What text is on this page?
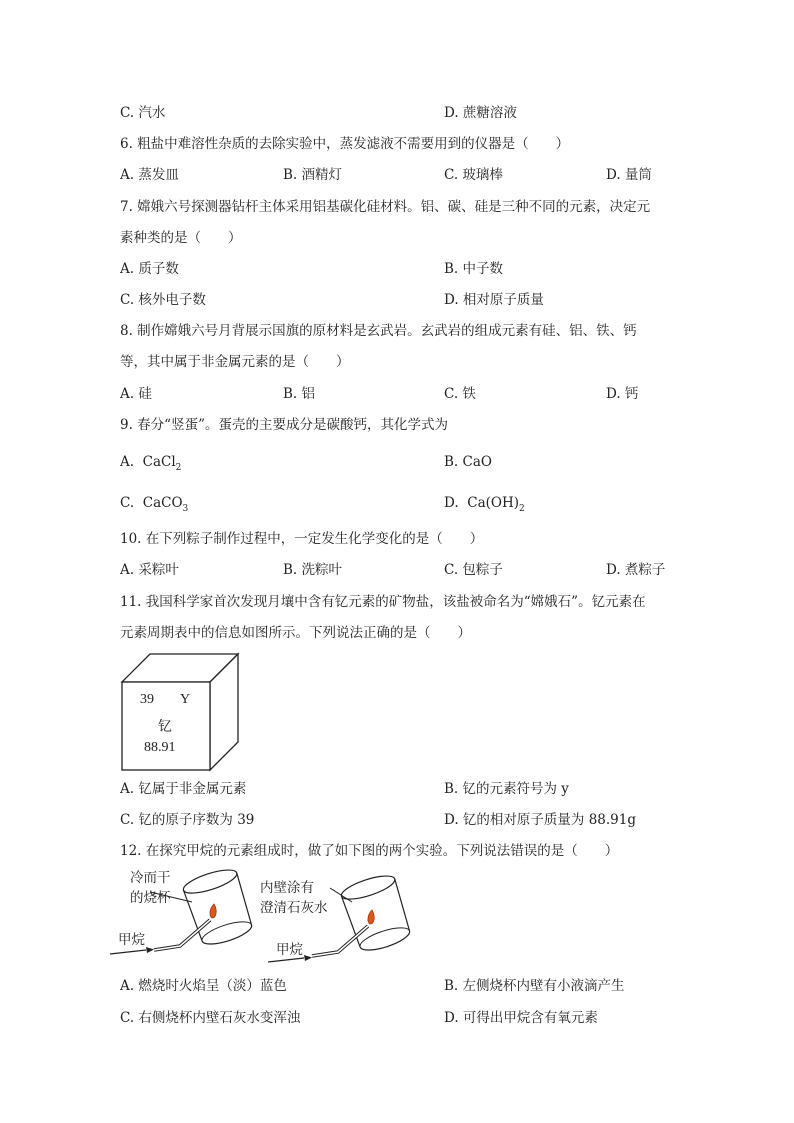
C. 汽水	D. 蔗糖溶液
6. 粗盐中难溶性杂质的去除实验中，蒸发滤液不需要用到的仪器是（　　）
A. 蒸发皿	B. 酒精灯	C. 玻璃棒	D. 量筒
7. 嫦娥六号探测器钻杆主体采用铝基碳化硅材料。铝、碳、硅是三种不同的元素，决定元
素种类的是（　　）
A. 质子数	B. 中子数
C. 核外电子数	D. 相对原子质量
8. 制作嫦娥六号月背展示国旗的原材料是玄武岩。玄武岩的组成元素有硅、铝、铁、钙
等，其中属于非金属元素的是（　　）
A. 硅	B. 铝	C. 铁	D. 钙
9. 春分“竖蛋”。蛋壳的主要成分是碳酸钙，其化学式为
A. CaCl$_2$	B. CaO
C. CaCO$_3$	D. $Ca(OH)_2$
10. 在下列粽子制作过程中，一定发生化学变化的是（　　）
A. 采粽叶	B. 洗粽叶	C. 包粽子	D. 煮粽子
11. 我国科学家首次发现月壤中含有钇元素的矿物盐，该盐被命名为“嫦娥石”。钇元素在
元素周期表中的信息如图所示。下列说法正确的是（　　）
39 Y
钇
88.91
A. 钇属于非金属元素	B. 钇的元素符号为 y
C. 钇的原子序数为 39	D. 钇的相对原子质量为 88.91g
12. 在探究甲烷的元素组成时，做了如下图的两个实验。下列说法错误的是（　　）
冷而干
的烧杯
甲烷
内壁涂有
澄清石灰水
甲烷
A. 燃烧时火焰呈（淡）蓝色	B. 左侧烧杯内壁有小液滴产生
C. 右侧烧杯内壁石灰水变浑浊	D. 可得出甲烷含有氧元素
